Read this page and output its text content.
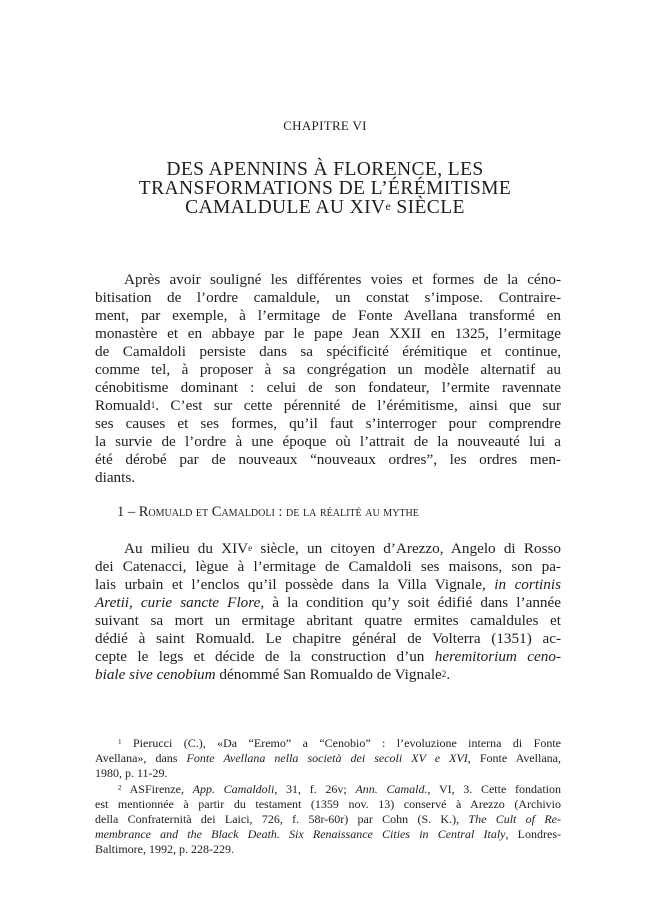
CHAPITRE VI
DES APENNINS À FLORENCE, LES
TRANSFORMATIONS DE L’ÉRÉMITISME
CAMALDULE AU XIVe SIÈCLE
Après avoir souligné les différentes voies et formes de la céno-
bitisation de l’ordre camaldule, un constat s’impose. Contraire-
ment, par exemple, à l’ermitage de Fonte Avellana transformé en
monastère et en abbaye par le pape Jean XXII en 1325, l’ermitage
de Camaldoli persiste dans sa spécificité érémitique et continue,
comme tel, à proposer à sa congrégation un modèle alternatif au
cénobitisme dominant : celui de son fondateur, l’ermite ravennate
Romuald$^1$. C’est sur cette pérennité de l’érémitisme, ainsi que sur
ses causes et ses formes, qu’il faut s’interroger pour comprendre
la survie de l’ordre à une époque où l’attrait de la nouveauté lui a
été dérobé par de nouveaux “nouveaux ordres”, les ordres men-
diants.
1 – Romuald et Camaldoli : de la réalité au mythe
Au milieu du XIVe siècle, un citoyen d’Arezzo, Angelo di Rosso
dei Catenacci, lègue à l’ermitage de Camaldoli ses maisons, son pa-
lais urbain et l’enclos qu’il possède dans la Villa Vignale, in cortinis
Aretii, curie sancte Flore, à la condition qu’y soit édifié dans l’année
suivant sa mort un ermitage abritant quatre ermites camaldules et
dédié à saint Romuald. Le chapitre général de Volterra (1351) ac-
cepte le legs et décide de la construction d’un heremitorium ceno-
biale sive cenobium dénommé San Romualdo de Vignale$^2$.
$^1$ Pierucci (C.), «Da “Eremo” a “Cenobio” : l’evoluzione interna di Fonte
Avellana», dans Fonte Avellana nella società dei secoli XV e XVI, Fonte Avellana,
1980, p. 11-29.
$^2$ ASFirenze, App. Camaldoli, 31, f. 26v; Ann. Camald., VI, 3. Cette fondation
est mentionnée à partir du testament (1359 nov. 13) conservé à Arezzo (Archivio
della Confraternità dei Laici, 726, f. 58r-60r) par Cohn (S. K.), The Cult of Re-
membrance and the Black Death. Six Renaissance Cities in Central Italy, Londres-
Baltimore, 1992, p. 228-229.
